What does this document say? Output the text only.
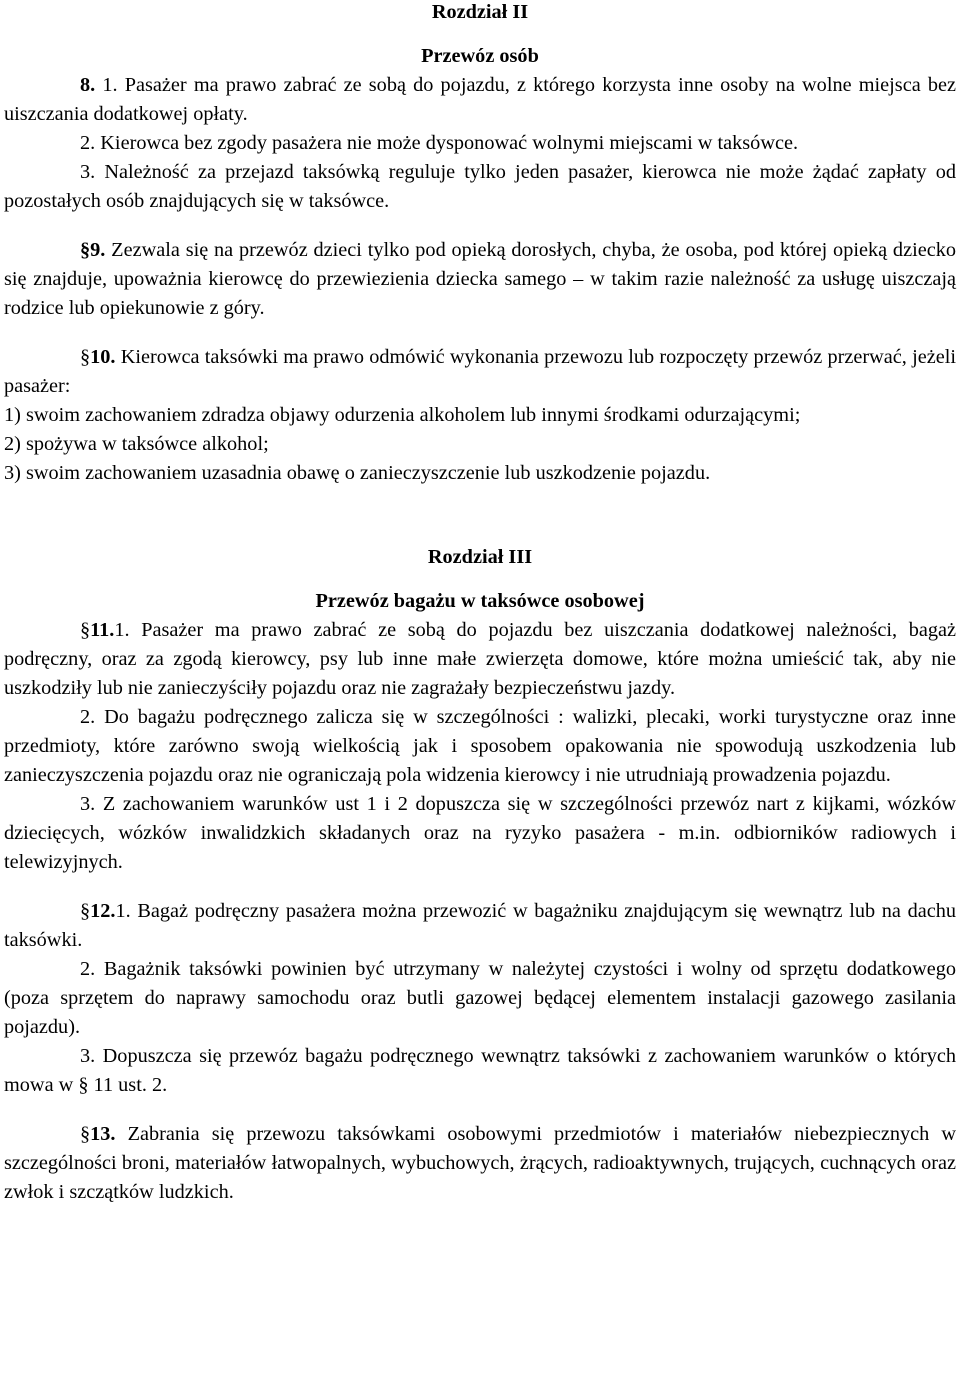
Rozdział II

Przewóz osób

8. 1. Pasażer ma prawo zabrać ze sobą do pojazdu, z którego korzysta inne osoby na wolne miejsca bez uiszczania dodatkowej opłaty.

2. Kierowca bez zgody pasażera nie może dysponować wolnymi miejscami w taksówce.

3. Należność za przejazd taksówką reguluje tylko jeden pasażer, kierowca nie może żądać zapłaty od pozostałych osób znajdujących się w taksówce.

§9. Zezwala się na przewóz dzieci tylko pod opieką dorosłych, chyba, że osoba, pod której opieką dziecko się znajduje, upoważnia kierowcę do przewiezienia dziecka samego – w takim razie należność za usługę uiszczają rodzice lub opiekunowie z góry.

§10. Kierowca taksówki ma prawo odmówić wykonania przewozu lub rozpoczęty przewóz przerwać, jeżeli pasażer:

1) swoim zachowaniem zdradza objawy odurzenia alkoholem lub innymi środkami odurzającymi;

2) spożywa w taksówce alkohol;

3) swoim zachowaniem uzasadnia obawę o zanieczyszczenie lub uszkodzenie pojazdu.

Rozdział III

Przewóz bagażu w taksówce osobowej

§11.1. Pasażer ma prawo zabrać ze sobą do pojazdu bez uiszczania dodatkowej należności, bagaż podręczny, oraz za zgodą kierowcy, psy lub inne małe zwierzęta domowe, które można umieścić tak, aby nie uszkodziły lub nie zanieczyściły pojazdu oraz nie zagrażały bezpieczeństwu jazdy.

2. Do bagażu podręcznego zalicza się w szczególności : walizki, plecaki, worki turystyczne oraz inne przedmioty, które zarówno swoją wielkością jak i sposobem opakowania nie spowodują uszkodzenia lub zanieczyszczenia pojazdu oraz nie ograniczają pola widzenia kierowcy i nie utrudniają prowadzenia pojazdu.

3. Z zachowaniem warunków ust 1 i 2 dopuszcza się w szczególności przewóz nart z kijkami, wózków dziecięcych, wózków inwalidzkich składanych oraz na ryzyko pasażera - m.in. odbiorników radiowych i telewizyjnych.

§12.1. Bagaż podręczny pasażera można przewozić w bagażniku znajdującym się wewnątrz lub na dachu taksówki.

2. Bagażnik taksówki powinien być utrzymany w należytej czystości i wolny od sprzętu dodatkowego (poza sprzętem do naprawy samochodu oraz butli gazowej będącej elementem instalacji gazowego zasilania pojazdu).

3. Dopuszcza się przewóz bagażu podręcznego wewnątrz taksówki z zachowaniem warunków o których mowa w § 11 ust. 2.

§13. Zabrania się przewozu taksówkami osobowymi przedmiotów i materiałów niebezpiecznych w szczególności broni, materiałów łatwopalnych, wybuchowych, żrących, radioaktywnych, trujących, cuchnących oraz zwłok i szczątków ludzkich.
